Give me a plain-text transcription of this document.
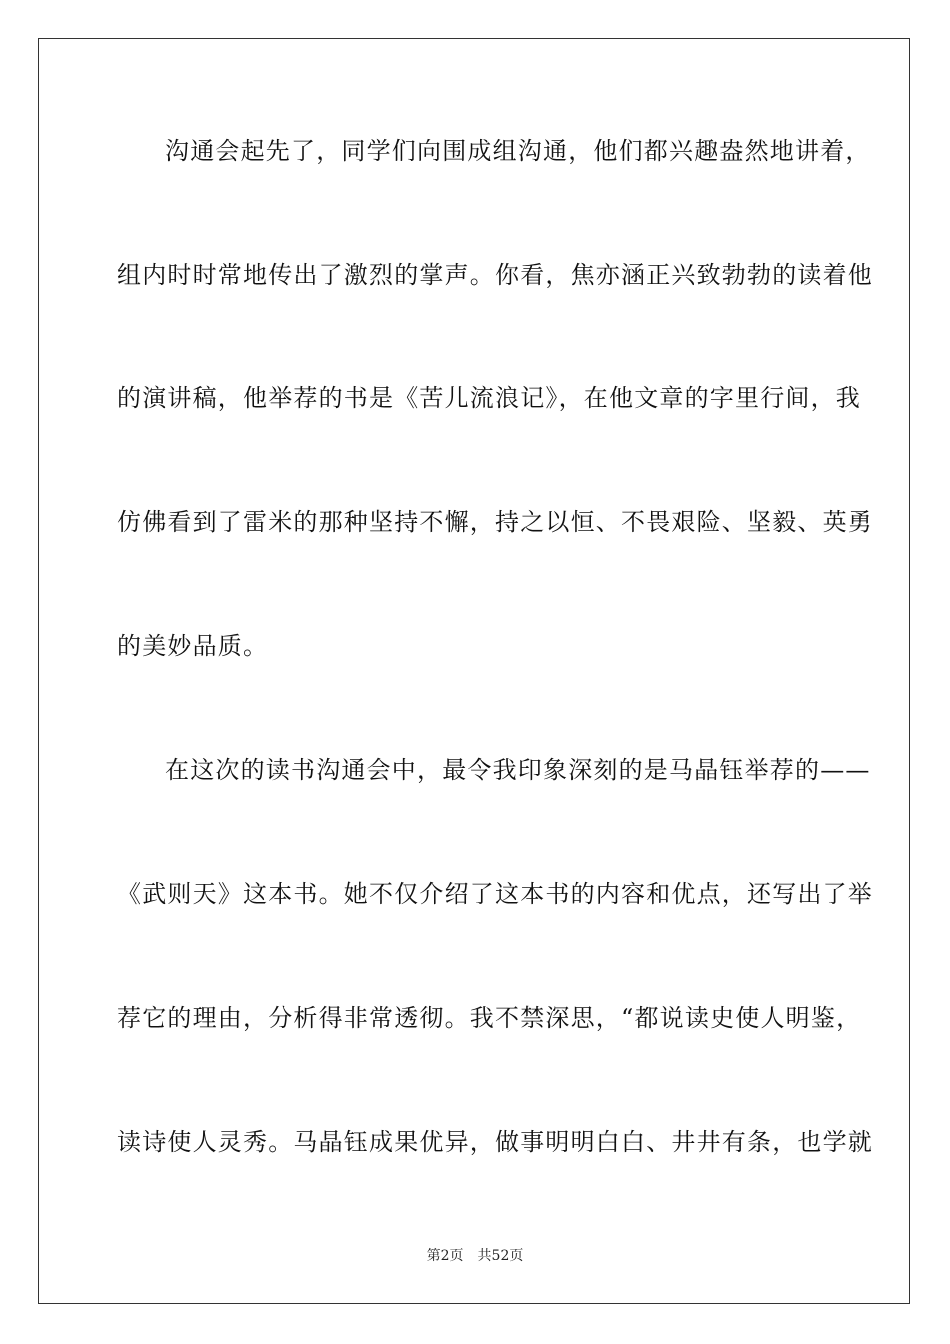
沟通会起先了，同学们向围成组沟通，他们都兴趣盎然地讲着，
组内时时常地传出了激烈的掌声。你看，焦亦涵正兴致勃勃的读着他
的演讲稿，他举荐的书是《苦儿流浪记》，在他文章的字里行间，我
仿佛看到了雷米的那种坚持不懈，持之以恒、不畏艰险、坚毅、英勇
的美妙品质。
在这次的读书沟通会中，最令我印象深刻的是马晶钰举荐的——
《武则天》这本书。她不仅介绍了这本书的内容和优点，还写出了举
荐它的理由，分析得非常透彻。我不禁深思，“都说读史使人明鉴，
读诗使人灵秀。马晶钰成果优异，做事明明白白、井井有条，也学就
第2页 共52页
